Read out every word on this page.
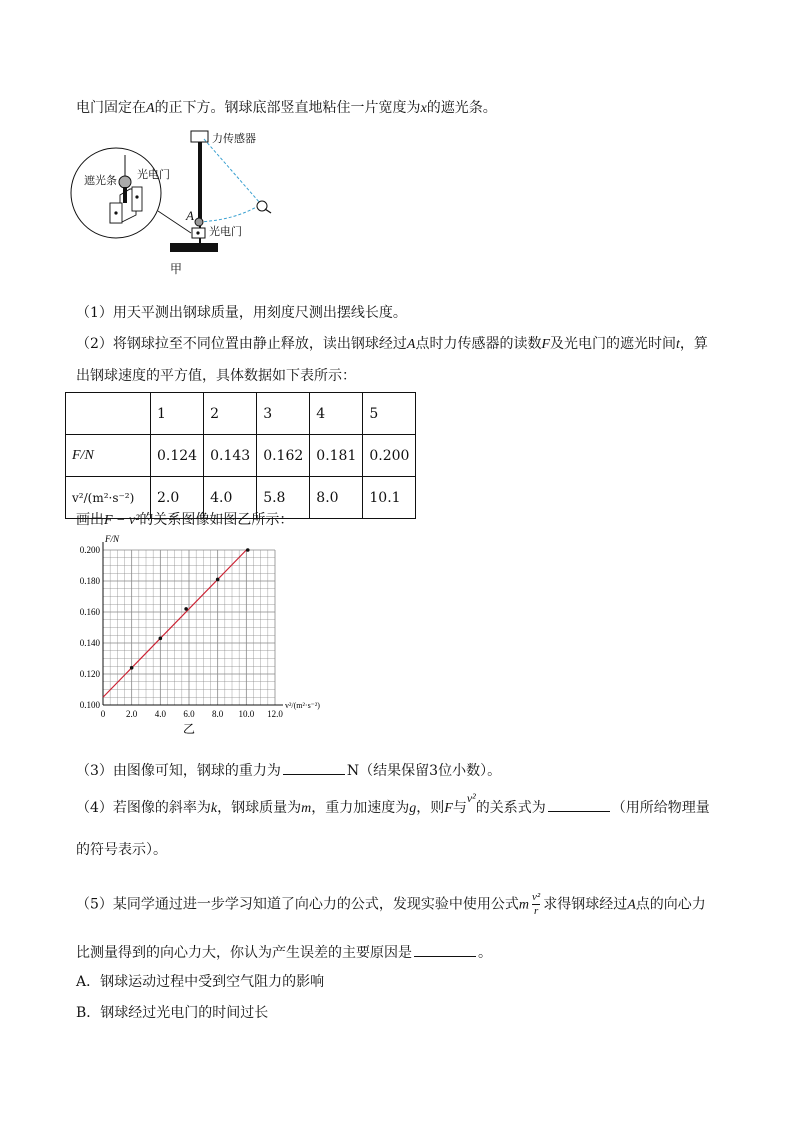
电门固定在A的正下方。钢球底部竖直地粘住一片宽度为x的遮光条。
力传感器
遮光条 光电门
A
光电门
甲
（1）用天平测出钢球质量，用刻度尺测出摆线长度。
（2）将钢球拉至不同位置由静止释放，读出钢球经过A点时力传感器的读数F及光电门的遮光时间t，算
出钢球速度的平方值，具体数据如下表所示：
	1	2	3	4	5
F/N	0.124	0.143	0.162	0.181	0.200
v²/(m²·s⁻²)	2.0	4.0	5.8	8.0	10.1
画出F − v²的关系图像如图乙所示：
0.100
0.120
0.140
0.160
0.180
0.200
0 2.0 4.0 6.0 8.0 10.0 12.0
F/N
v²/(m²·s⁻²)
乙
（3）由图像可知，钢球的重力为	N（结果保留3位小数）。
（4）若图像的斜率为k，钢球质量为m，重力加速度为g，则F与v²的关系式为	（用所给物理量
的符号表示）。
（5）某同学通过进一步学习知道了向心力的公式，发现实验中使用公式m $\frac{\text{v²}}{r}$ 求得钢球经过A点的向心力
比测量得到的向心力大，你认为产生误差的主要原因是	。
A．钢球运动过程中受到空气阻力的影响
B．钢球经过光电门的时间过长
